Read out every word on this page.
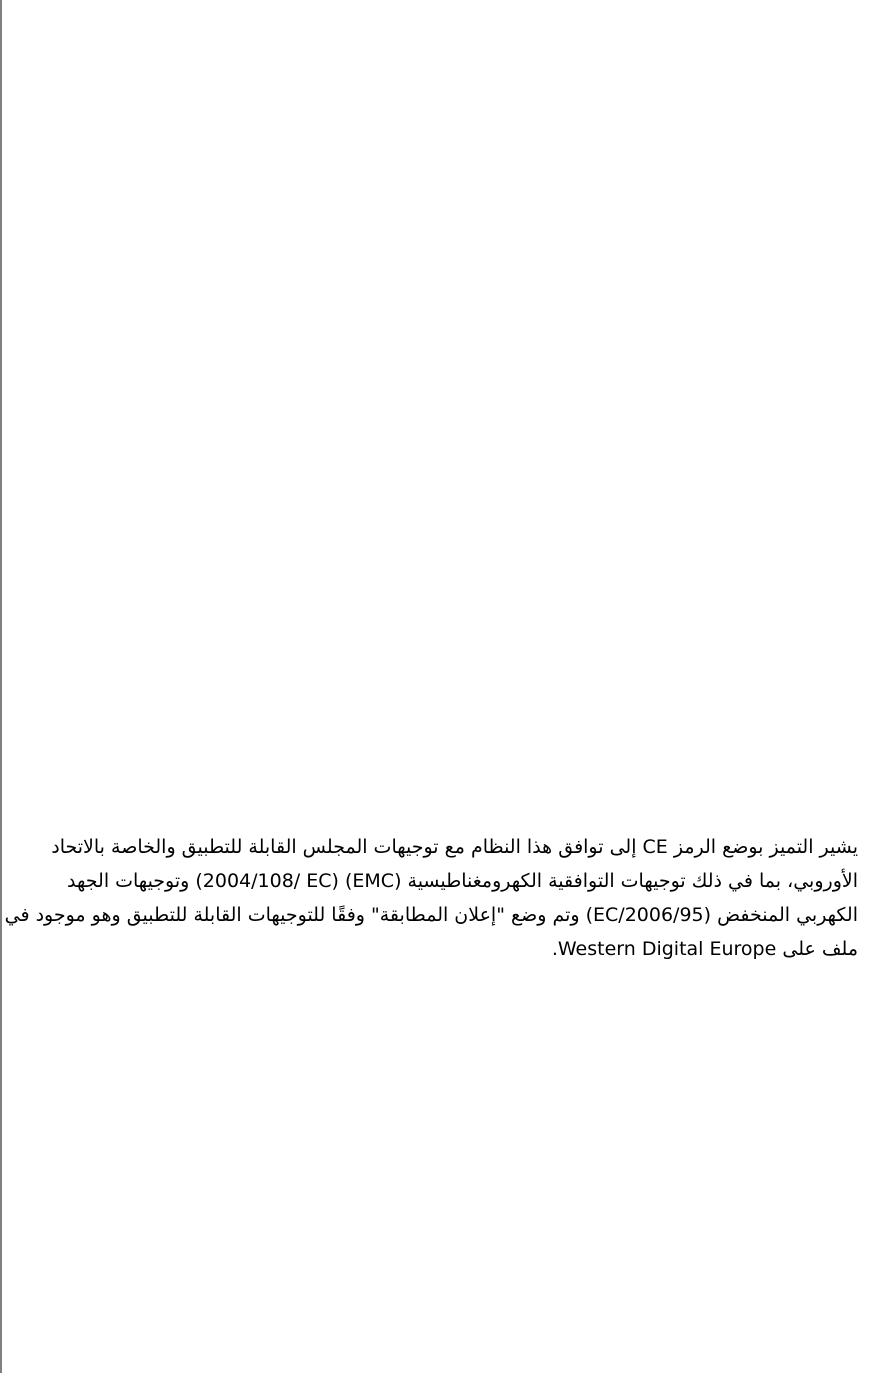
يشير التميز بوضع الرمز CE إلى توافق هذا النظام مع توجيهات المجلس القابلة للتطبيق والخاصة بالاتحاد
الأوروبي، بما في ذلك توجيهات التوافقية الكهرومغناطيسية (EMC) (2004/108/ EC) وتوجيهات الجهد
الكهربي المنخفض (2006/95/EC) وتم وضع "إعلان المطابقة" وفقًا للتوجيهات القابلة للتطبيق وهو موجود في
ملف على Western Digital Europe.
